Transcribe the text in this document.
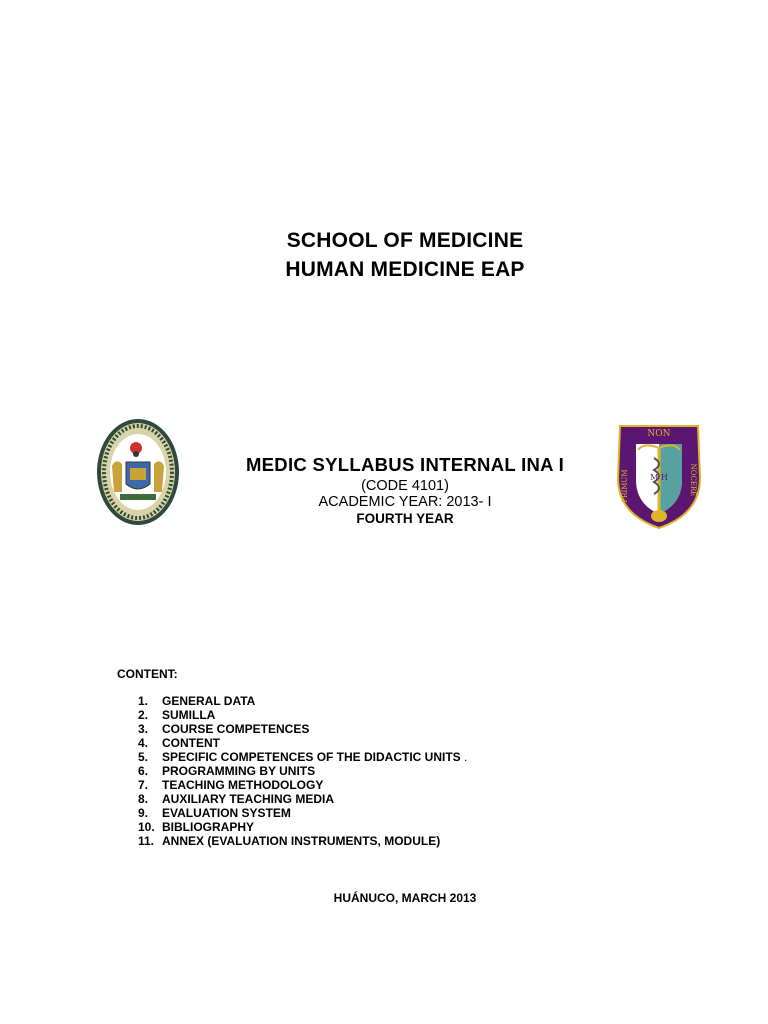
SCHOOL OF MEDICINE
HUMAN MEDICINE EAP
NON
PRIMUM	NOCERE
M H
MEDIC SYLLABUS INTERNAL INA I
(CODE 4101)
ACADEMIC YEAR: 2013- I
FOURTH YEAR
CONTENT:
1. GENERAL DATA
2. SUMILLA
3. COURSE COMPETENCES
4. CONTENT
5. SPECIFIC COMPETENCES OF THE DIDACTIC UNITS .
6. PROGRAMMING BY UNITS
7. TEACHING METHODOLOGY
8. AUXILIARY TEACHING MEDIA
9. EVALUATION SYSTEM
10. BIBLIOGRAPHY
11. ANNEX (EVALUATION INSTRUMENTS, MODULE)
HUÁNUCO, MARCH 2013
